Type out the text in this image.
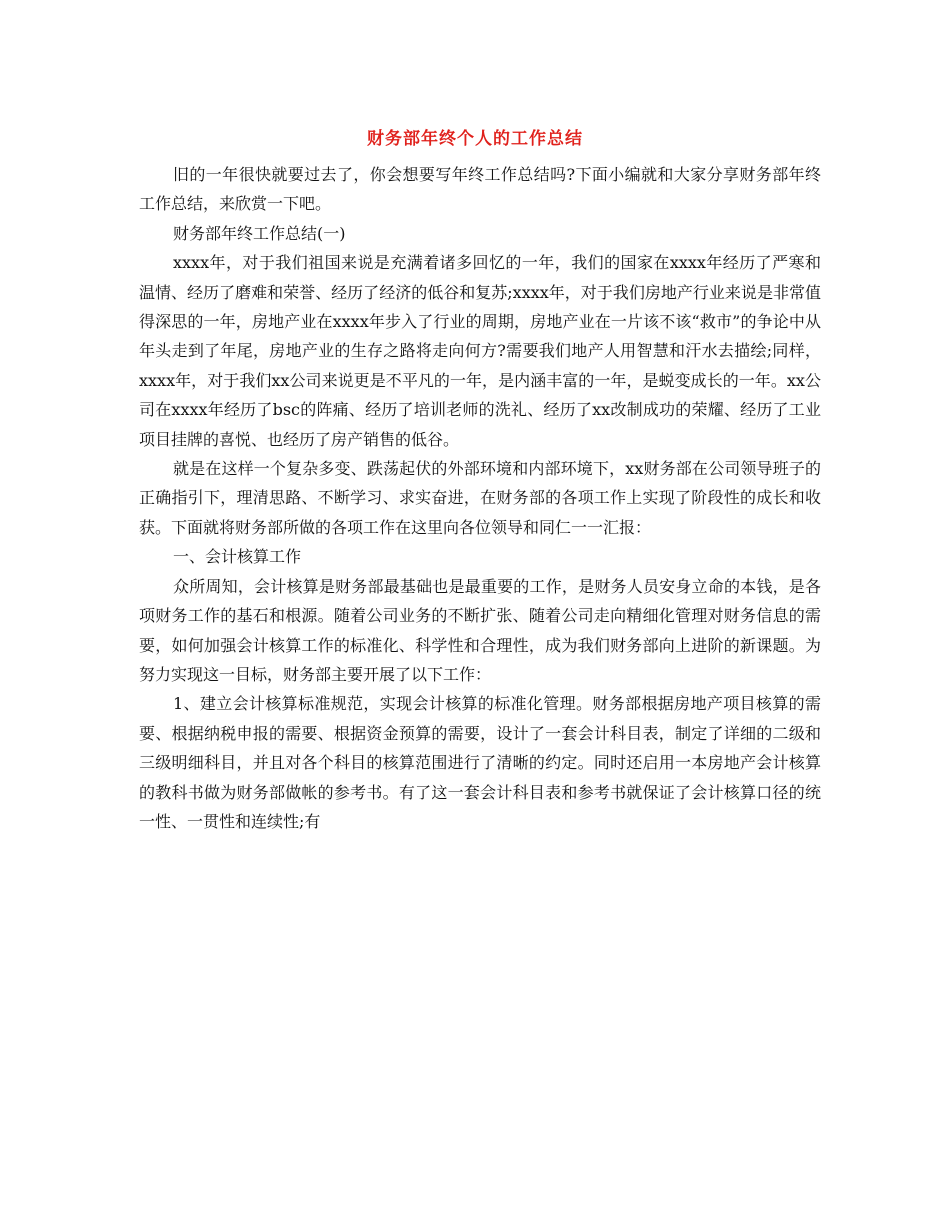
财务部年终个人的工作总结

旧的一年很快就要过去了，你会想要写年终工作总结吗?下面小编就和大家分享财务部年终工作总结，来欣赏一下吧。

财务部年终工作总结(一)

xxxx年，对于我们祖国来说是充满着诸多回忆的一年，我们的国家在xxxx年经历了严寒和温情、经历了磨难和荣誉、经历了经济的低谷和复苏;xxxx年，对于我们房地产行业来说是非常值得深思的一年，房地产业在xxxx年步入了行业的周期，房地产业在一片该不该“救市”的争论中从年头走到了年尾，房地产业的生存之路将走向何方?需要我们地产人用智慧和汗水去描绘;同样，xxxx年，对于我们xx公司来说更是不平凡的一年，是内涵丰富的一年，是蜕变成长的一年。xx公司在xxxx年经历了bsc的阵痛、经历了培训老师的洗礼、经历了xx改制成功的荣耀、经历了工业项目挂牌的喜悦、也经历了房产销售的低谷。

就是在这样一个复杂多变、跌荡起伏的外部环境和内部环境下，xx财务部在公司领导班子的正确指引下，理清思路、不断学习、求实奋进，在财务部的各项工作上实现了阶段性的成长和收获。下面就将财务部所做的各项工作在这里向各位领导和同仁一一汇报：

一、会计核算工作

众所周知，会计核算是财务部最基础也是最重要的工作，是财务人员安身立命的本钱，是各项财务工作的基石和根源。随着公司业务的不断扩张、随着公司走向精细化管理对财务信息的需要，如何加强会计核算工作的标准化、科学性和合理性，成为我们财务部向上进阶的新课题。为努力实现这一目标，财务部主要开展了以下工作：

1、建立会计核算标准规范，实现会计核算的标准化管理。财务部根据房地产项目核算的需要、根据纳税申报的需要、根据资金预算的需要，设计了一套会计科目表，制定了详细的二级和三级明细科目，并且对各个科目的核算范围进行了清晰的约定。同时还启用一本房地产会计核算的教科书做为财务部做帐的参考书。有了这一套会计科目表和参考书就保证了会计核算口径的统一性、一贯性和连续性;有
